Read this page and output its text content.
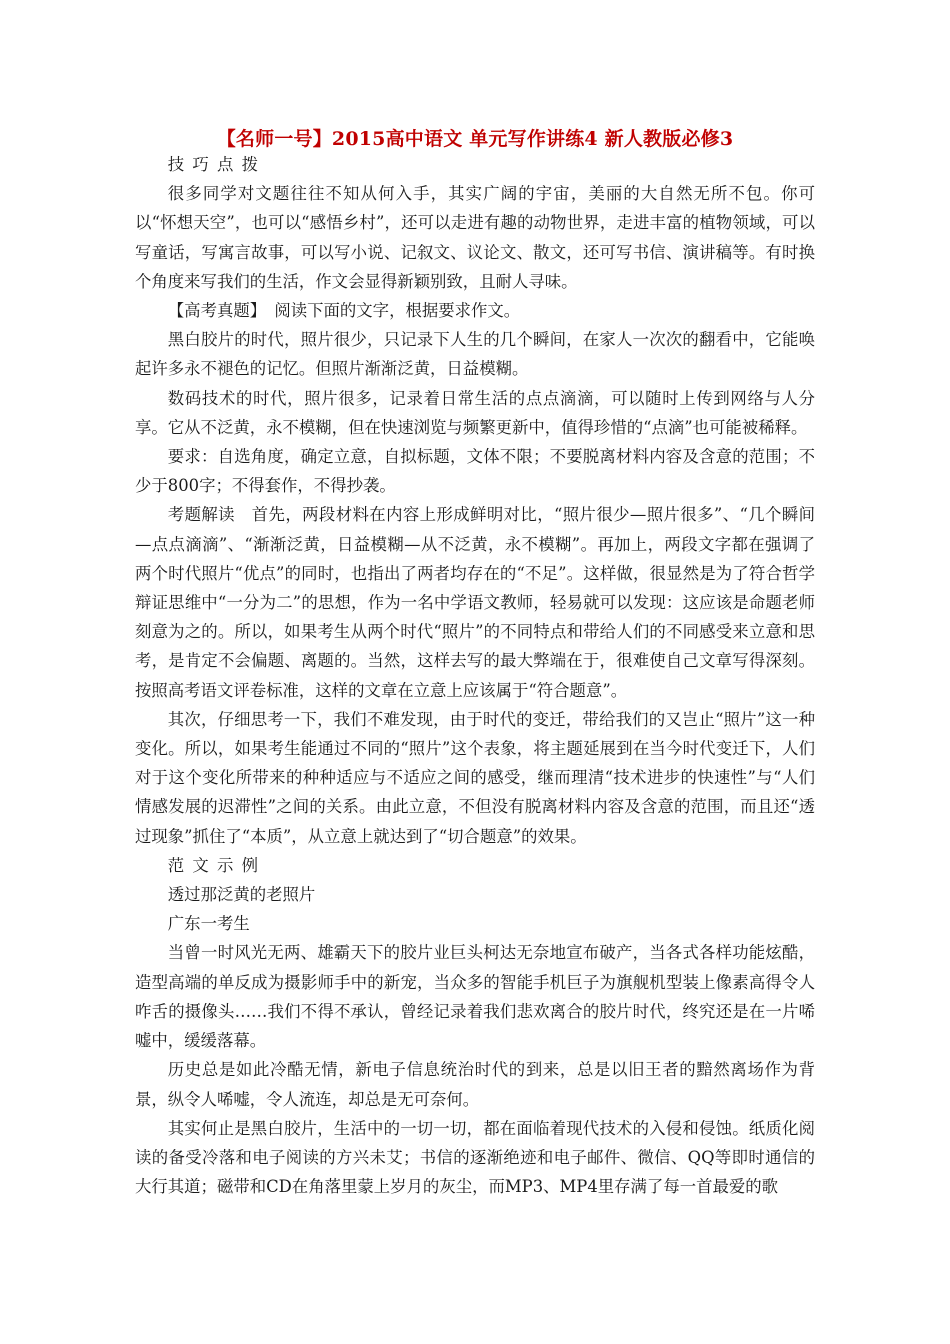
【名师一号】2015高中语文 单元写作讲练4 新人教版必修3

技巧点拨

很多同学对文题往往不知从何入手，其实广阔的宇宙，美丽的大自然无所不包。你可以“怀想天空”，也可以“感悟乡村”，还可以走进有趣的动物世界，走进丰富的植物领域，可以写童话，写寓言故事，可以写小说、记叙文、议论文、散文，还可写书信、演讲稿等。有时换个角度来写我们的生活，作文会显得新颖别致，且耐人寻味。

【高考真题】　阅读下面的文字，根据要求作文。

黑白胶片的时代，照片很少，只记录下人生的几个瞬间，在家人一次次的翻看中，它能唤起许多永不褪色的记忆。但照片渐渐泛黄，日益模糊。

数码技术的时代，照片很多，记录着日常生活的点点滴滴，可以随时上传到网络与人分享。它从不泛黄，永不模糊，但在快速浏览与频繁更新中，值得珍惜的“点滴”也可能被稀释。

要求：自选角度，确定立意，自拟标题，文体不限；不要脱离材料内容及含意的范围；不少于800字；不得套作，不得抄袭。

考题解读　首先，两段材料在内容上形成鲜明对比，“照片很少—照片很多”、“几个瞬间—点点滴滴”、“渐渐泛黄，日益模糊—从不泛黄，永不模糊”。再加上，两段文字都在强调了两个时代照片“优点”的同时，也指出了两者均存在的“不足”。这样做，很显然是为了符合哲学辩证思维中“一分为二”的思想，作为一名中学语文教师，轻易就可以发现：这应该是命题老师刻意为之的。所以，如果考生从两个时代“照片”的不同特点和带给人们的不同感受来立意和思考，是肯定不会偏题、离题的。当然，这样去写的最大弊端在于，很难使自己文章写得深刻。按照高考语文评卷标准，这样的文章在立意上应该属于“符合题意”。

其次，仔细思考一下，我们不难发现，由于时代的变迁，带给我们的又岂止“照片”这一种变化。所以，如果考生能通过不同的“照片”这个表象，将主题延展到在当今时代变迁下，人们对于这个变化所带来的种种适应与不适应之间的感受，继而理清“技术进步的快速性”与“人们情感发展的迟滞性”之间的关系。由此立意，不但没有脱离材料内容及含意的范围，而且还“透过现象”抓住了“本质”，从立意上就达到了“切合题意”的效果。

范文示例

透过那泛黄的老照片

广东一考生

当曾一时风光无两、雄霸天下的胶片业巨头柯达无奈地宣布破产，当各式各样功能炫酷，造型高端的单反成为摄影师手中的新宠，当众多的智能手机巨子为旗舰机型装上像素高得令人咋舌的摄像头……我们不得不承认，曾经记录着我们悲欢离合的胶片时代，终究还是在一片唏嘘中，缓缓落幕。

历史总是如此冷酷无情，新电子信息统治时代的到来，总是以旧王者的黯然离场作为背景，纵令人唏嘘，令人流连，却总是无可奈何。

其实何止是黑白胶片，生活中的一切一切，都在面临着现代技术的入侵和侵蚀。纸质化阅读的备受冷落和电子阅读的方兴未艾；书信的逐渐绝迹和电子邮件、微信、QQ等即时通信的大行其道；磁带和CD在角落里蒙上岁月的灰尘，而MP3、MP4里存满了每一首最爱的歌
